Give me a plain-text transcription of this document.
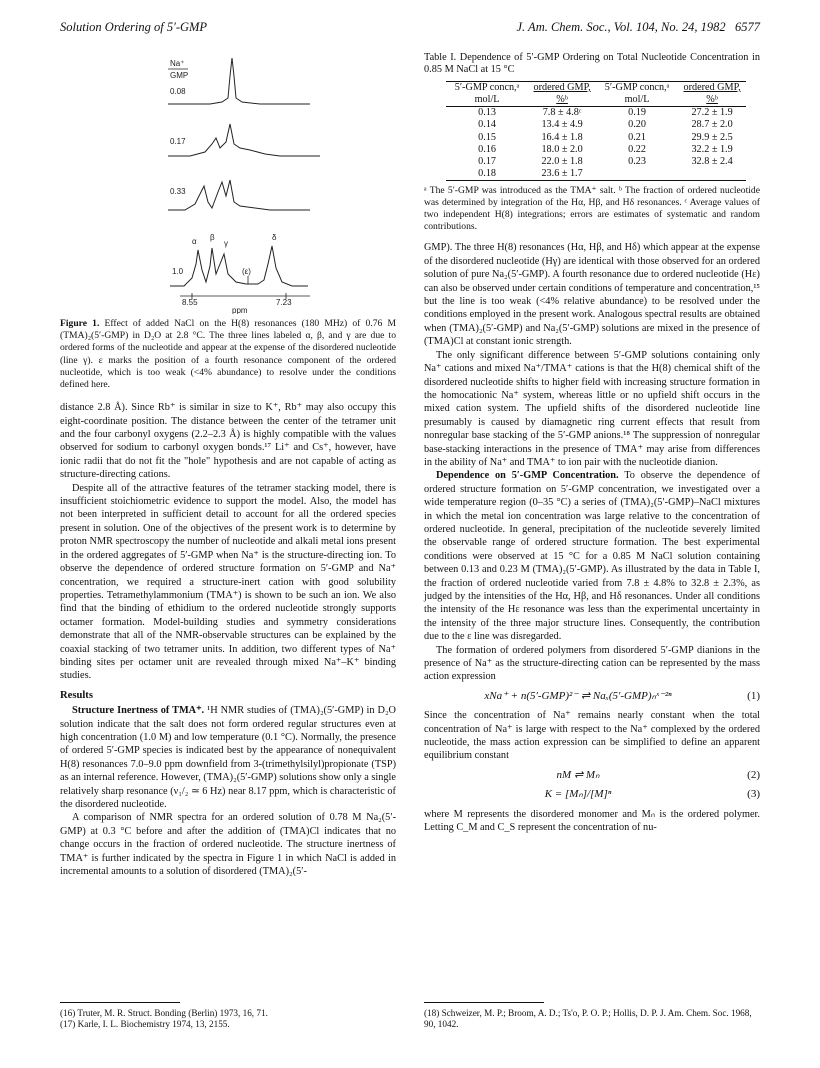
Solution Ordering of 5′-GMP	J. Am. Chem. Soc., Vol. 104, No. 24, 1982 6577
Na⁺
GMP
0.08
0.17
0.33
1.0
α β
γ
(ε)
δ
8.55	7.23
ppm
Figure 1. Effect of added NaCl on the H(8) resonances (180 MHz) of 0.76 M (TMA)₂(5′-GMP) in D₂O at 2.8 °C. The three lines labeled α, β, and γ are due to ordered forms of the nucleotide and appear at the expense of the disordered nucleotide (line γ). ε marks the position of a fourth resonance component of the ordered nucleotide, which is too weak (<4% abundance) to resolve under the conditions defined here.

distance 2.8 Å). Since Rb⁺ is similar in size to K⁺, Rb⁺ may also occupy this eight-coordinate position. The distance between the center of the tetramer unit and the four carbonyl oxygens (2.2–2.3 Å) is highly compatible with the values observed for sodium to carbonyl oxygen bonds.¹⁷ Li⁺ and Cs⁺, however, have ionic radii that do not fit the "hole" hypothesis and are not capable of acting as structure-directing cations.

Despite all of the attractive features of the tetramer stacking model, there is insufficient stoichiometric evidence to support the model. Also, the model has not been interpreted in sufficient detail to account for all the ordered species present in solution. One of the objectives of the present work is to determine by proton NMR spectroscopy the number of nucleotide and alkali metal ions present in the ordered aggregates of 5′-GMP when Na⁺ is the structure-directing ion. To observe the dependence of ordered structure formation on 5′-GMP and Na⁺ concentration, we required a structure-inert cation with good solubility properties. Tetramethylammonium (TMA⁺) is shown to be such an ion. We also find that the binding of ethidium to the ordered nucleotide strongly supports octamer formation. Model-building studies and symmetry considerations demonstrate that all of the NMR-observable structures can be explained by the coaxial stacking of two tetramer units. In addition, two different types of Na⁺ binding sites per octamer unit are revealed through mixed Na⁺–K⁺ binding studies.

Results

Structure Inertness of TMA⁺. ¹H NMR studies of (TMA)₂(5′-GMP) in D₂O solution indicate that the salt does not form ordered regular structures even at high concentration (1.0 M) and low temperature (0.1 °C). Normally, the presence of ordered 5′-GMP species is indicated best by the appearance of nonequivalent H(8) resonances 7.0–9.0 ppm downfield from 3-(trimethylsilyl)propionate (TSP) as an internal reference. However, (TMA)₂(5′-GMP) solutions show only a single relatively sharp resonance (ν₁/₂ ≃ 6 Hz) near 8.17 ppm, which is characteristic of the disordered nucleotide.

A comparison of NMR spectra for an ordered solution of 0.78 M Na₂(5′-GMP) at 0.3 °C before and after the addition of (TMA)Cl indicates that no change occurs in the fraction of ordered nucleotide. The structure inertness of TMA⁺ is further indicated by the spectra in Figure 1 in which NaCl is added in incremental amounts to a solution of disordered (TMA)₂(5′-

Table I. Dependence of 5′-GMP Ordering on Total Nucleotide Concentration in 0.85 M NaCl at 15 °C
5′-GMP concn,ᵃ mol/L	ordered GMP, %ᵇ	5′-GMP concn,ᵃ mol/L	ordered GMP, %ᵇ
0.13	7.8 ± 4.8ᶜ	0.19	27.2 ± 1.9
0.14	13.4 ± 4.9	0.20	28.7 ± 2.0
0.15	16.4 ± 1.8	0.21	29.9 ± 2.5
0.16	18.0 ± 2.0	0.22	32.2 ± 1.9
0.17	22.0 ± 1.8	0.23	32.8 ± 2.4
0.18	23.6 ± 1.7		
ᵃ The 5′-GMP was introduced as the TMA⁺ salt. ᵇ The fraction of ordered nucleotide was determined by integration of the Hα, Hβ, and Hδ resonances. ᶜ Average values of two independent H(8) integrations; errors are estimates of systematic and random contributions.

GMP). The three H(8) resonances (Hα, Hβ, and Hδ) which appear at the expense of the disordered nucleotide (Hγ) are identical with those observed for an ordered solution of pure Na₂(5′-GMP). A fourth resonance due to ordered nucleotide (Hε) can also be observed under certain conditions of temperature and concentration,¹⁵ but the line is too weak (<4% relative abundance) to be resolved under the conditions employed in the present work. Analogous spectral results are obtained when (TMA)₂(5′-GMP) and Na₂(5′-GMP) solutions are mixed in the presence of (TMA)Cl at constant ionic strength.

The only significant difference between 5′-GMP solutions containing only Na⁺ cations and mixed Na⁺/TMA⁺ cations is that the H(8) chemical shift of the disordered nucleotide shifts to higher field with increasing structure formation in the homocationic Na⁺ system, whereas little or no upfield shift occurs in the mixed cation system. The upfield shifts of the disordered nucleotide line presumably is caused by diamagnetic ring current effects that result from nonregular base stacking of the 5′-GMP anions.¹⁸ The suppression of nonregular base-stacking interactions in the presence of TMA⁺ may arise from differences in the ability of Na⁺ and TMA⁺ to ion pair with the nucleotide dianion.

Dependence on 5′-GMP Concentration. To observe the dependence of ordered structure formation on 5′-GMP concentration, we investigated over a wide temperature region (0–35 °C) a series of (TMA)₂(5′-GMP)–NaCl mixtures in which the metal ion concentration was large relative to the concentration of ordered nucleotide. In general, precipitation of the nucleotide severely limited the observable range of ordered structure formation. The best experimental conditions were observed at 15 °C for a 0.85 M NaCl solution containing between 0.13 and 0.23 M (TMA)₂(5′-GMP). As illustrated by the data in Table I, the fraction of ordered nucleotide varied from 7.8 ± 4.8% to 32.8 ± 2.3%, as judged by the intensities of the Hα, Hβ, and Hδ resonances. Under all conditions the intensity of the Hε resonance was less than the experimental uncertainty in the intensity of the three major structure lines. Consequently, the contribution due to the ε line was disregarded.

The formation of ordered polymers from disordered 5′-GMP dianions in the presence of Na⁺ as the structure-directing cation can be represented by the mass action expression

xNa⁺ + n(5′-GMP)²⁻ ⇌ Naₓ(5′-GMP)ₙˣ⁻²ⁿ	(1)

Since the concentration of Na⁺ remains nearly constant when the total concentration of Na⁺ is large with respect to the Na⁺ complexed by the ordered nucleotide, the mass action expression can be simplified to define an apparent equilibrium constant

nM ⇌ Mₙ	(2)
K = [Mₙ]/[M]ⁿ	(3)

where M represents the disordered monomer and Mₙ is the ordered polymer. Letting C_M and C_S represent the concentration of nu-

(16) Truter, M. R. Struct. Bonding (Berlin) 1973, 16, 71.
(17) Karle, I. L. Biochemistry 1974, 13, 2155.
(18) Schweizer, M. P.; Broom, A. D.; Ts'o, P. O. P.; Hollis, D. P. J. Am. Chem. Soc. 1968, 90, 1042.
